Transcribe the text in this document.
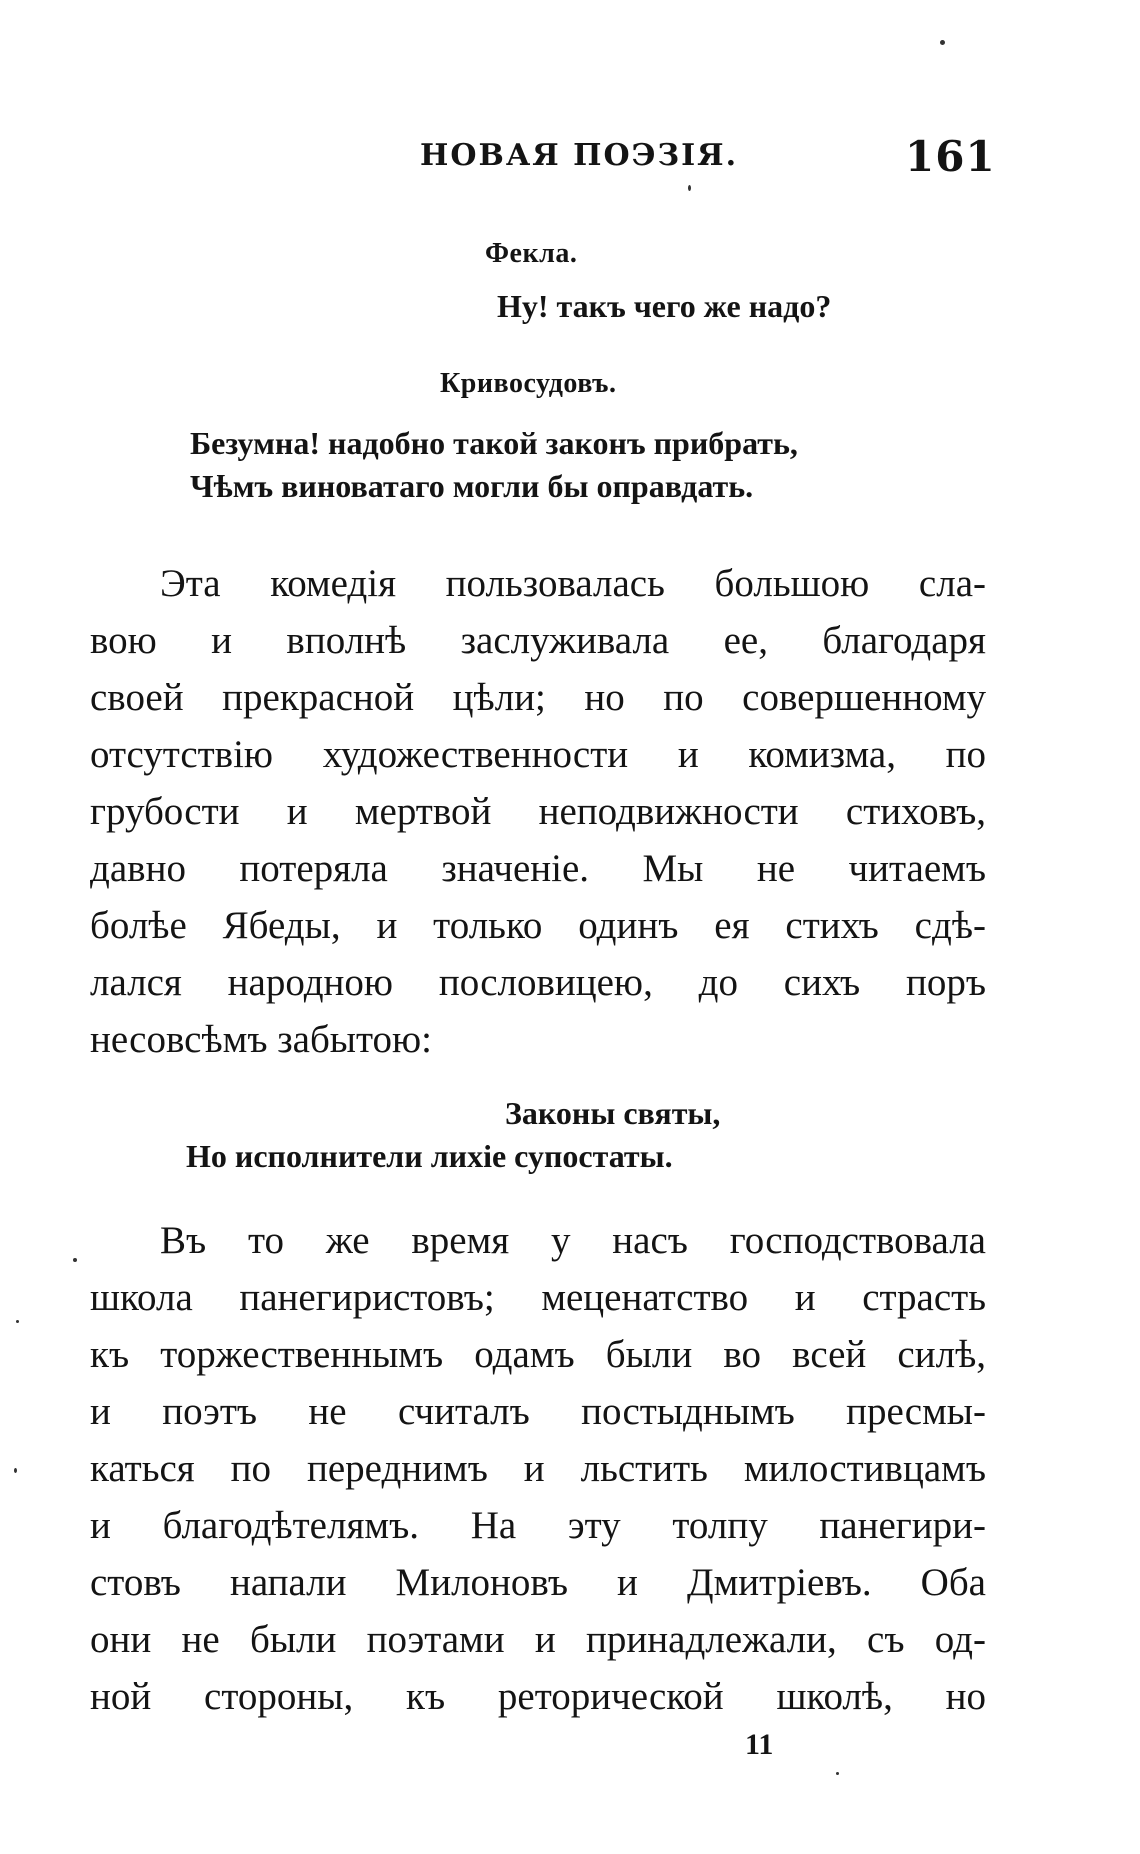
НОВАЯ ПОЭЗІЯ.	161
Фекла.
Ну! такъ чего же надо?
Кривосудовъ.
Безумна! надобно такой законъ прибрать,
Чѣмъ виноватаго могли бы оправдать.
Эта комедія пользовалась большою сла-
вою и вполнѣ заслуживала ее, благодаря
своей прекрасной цѣли; но по совершенному
отсутствію художественности и комизма, по
грубости и мертвой неподвижности стиховъ,
давно потеряла значеніе. Мы не читаемъ
болѣе Ябеды, и только одинъ ея стихъ сдѣ-
лался народною пословицею, до сихъ поръ
несовсѣмъ забытою:
Законы святы,
Но исполнители лихіе супостаты.
Въ то же время у насъ господствовала
школа панегиристовъ; меценатство и страсть
къ торжественнымъ одамъ были во всей силѣ,
и поэтъ не считалъ постыднымъ пресмы-
каться по переднимъ и льстить милостивцамъ
и благодѣтелямъ. На эту толпу панегири-
стовъ напали Милоновъ и Дмитріевъ. Оба
они не были поэтами и принадлежали, съ од-
ной стороны, къ реторической школѣ, но
11
